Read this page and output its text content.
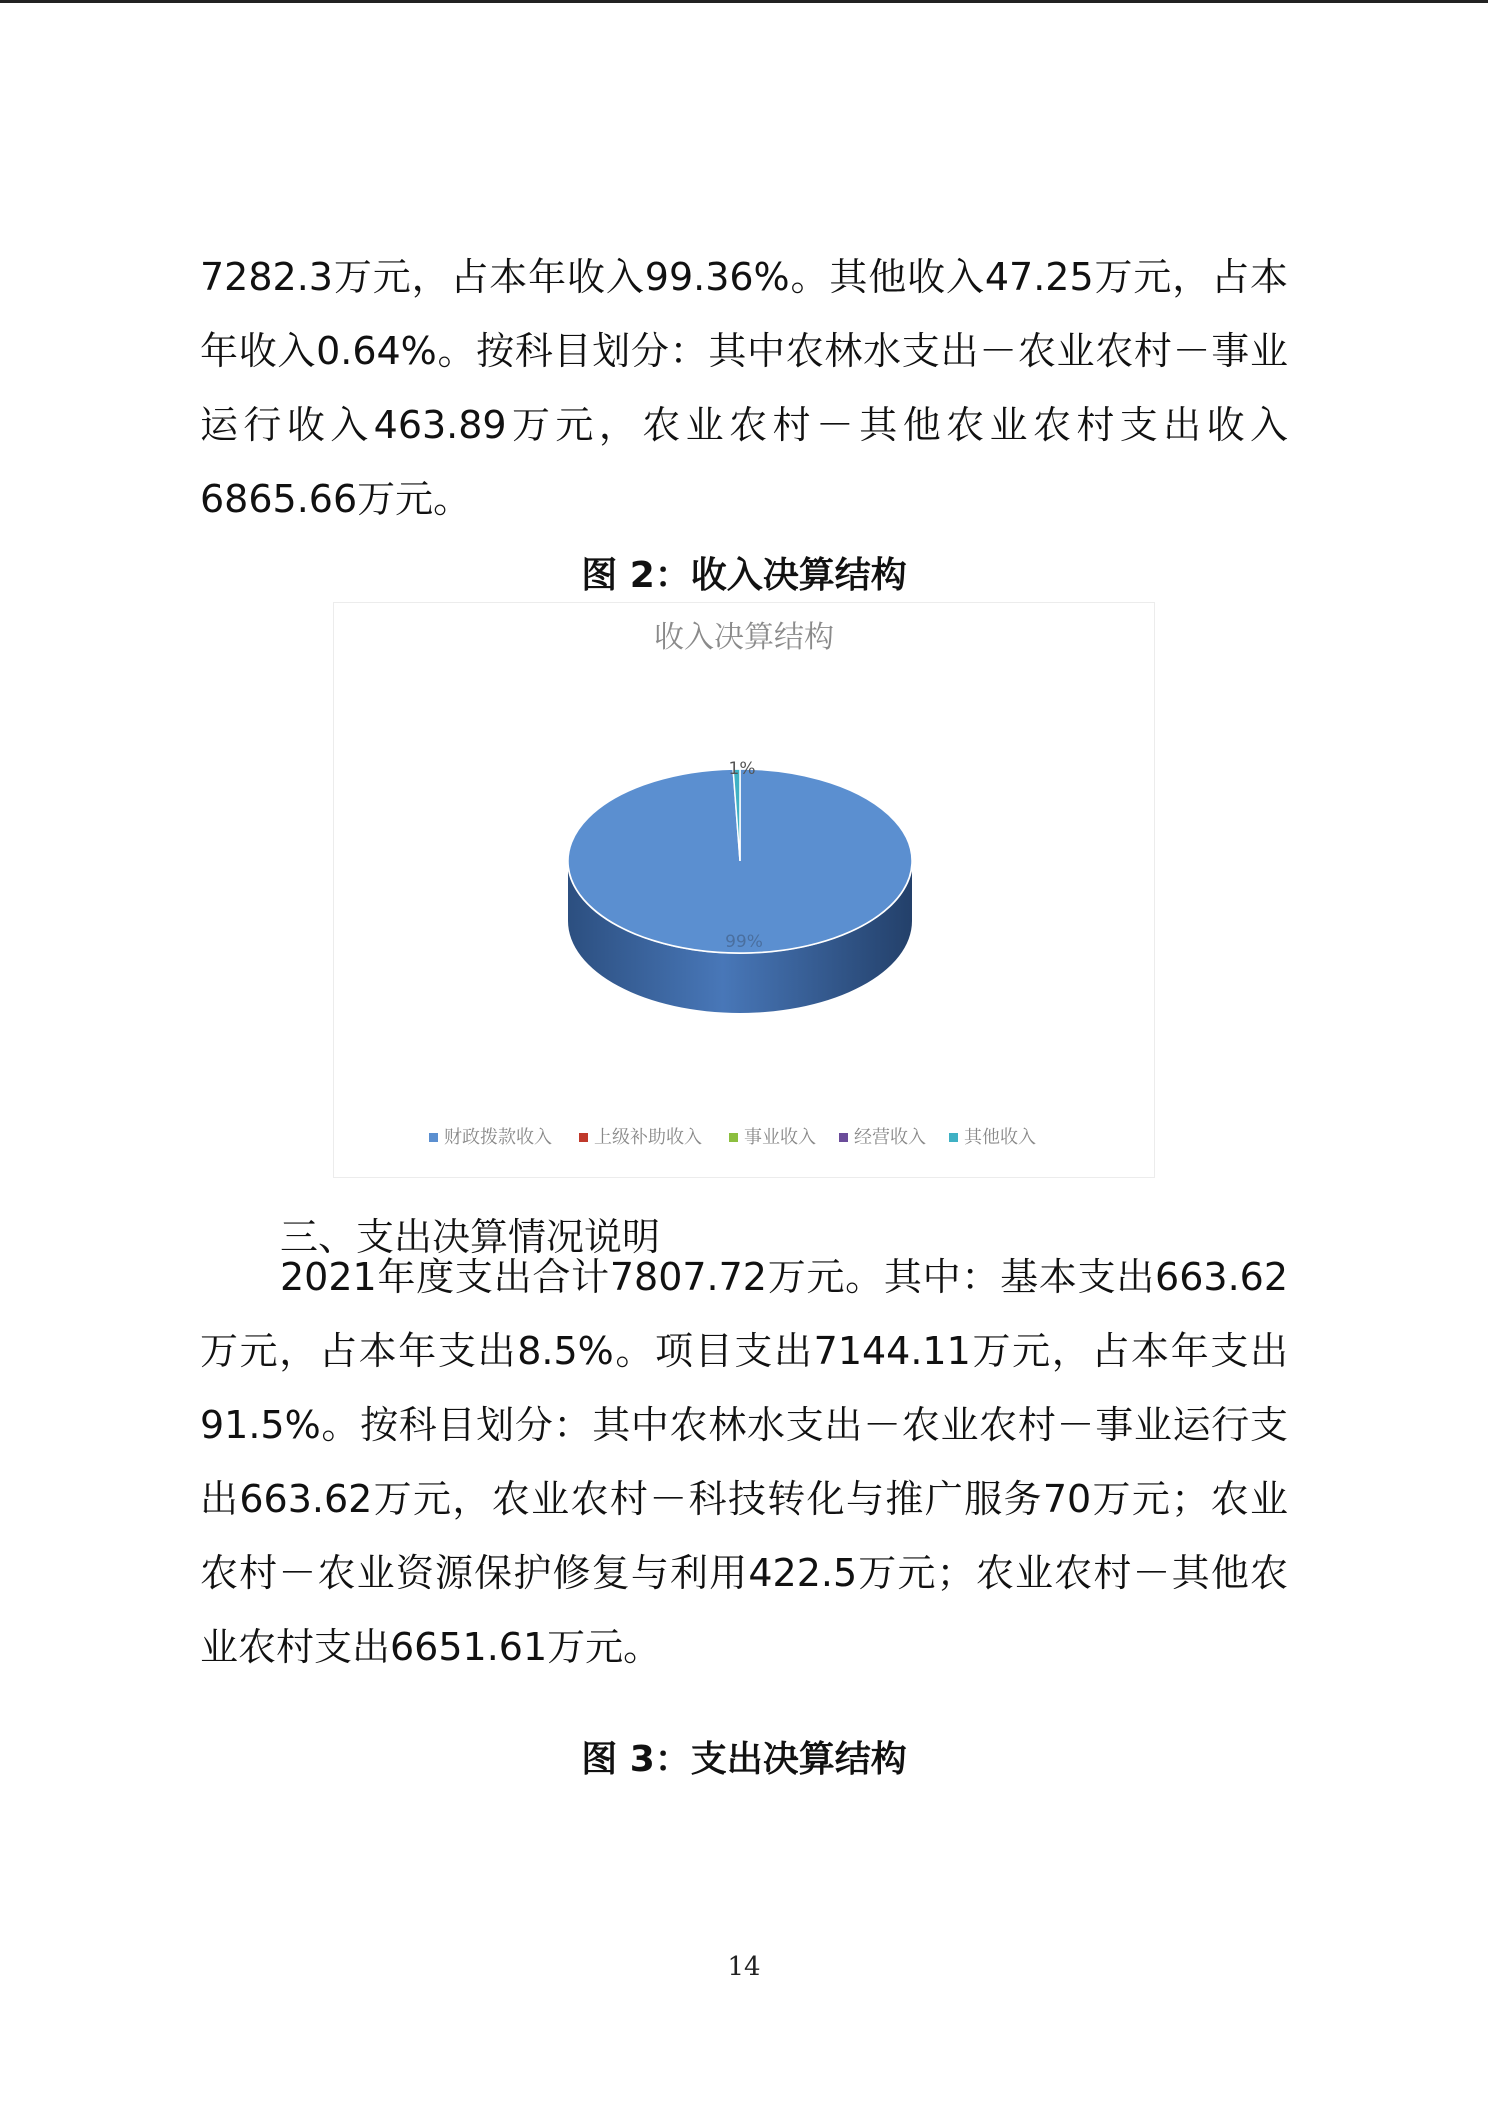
7282.3万元，占本年收入99.36%。其他收入47.25万元，占本年收入0.64%。按科目划分：其中农林水支出－农业农村－事业运行收入463.89万元，农业农村－其他农业农村支出收入6865.66万元。

图 2：收入决算结构
收入决算结构
99%
1%
财政拨款收入 上级补助收入 事业收入 经营收入 其他收入

三、支出决算情况说明

2021年度支出合计7807.72万元。其中：基本支出663.62万元，占本年支出8.5%。项目支出7144.11万元，占本年支出91.5%。按科目划分：其中农林水支出－农业农村－事业运行支出663.62万元，农业农村－科技转化与推广服务70万元；农业农村－农业资源保护修复与利用422.5万元；农业农村－其他农业农村支出6651.61万元。

图 3：支出决算结构
14
